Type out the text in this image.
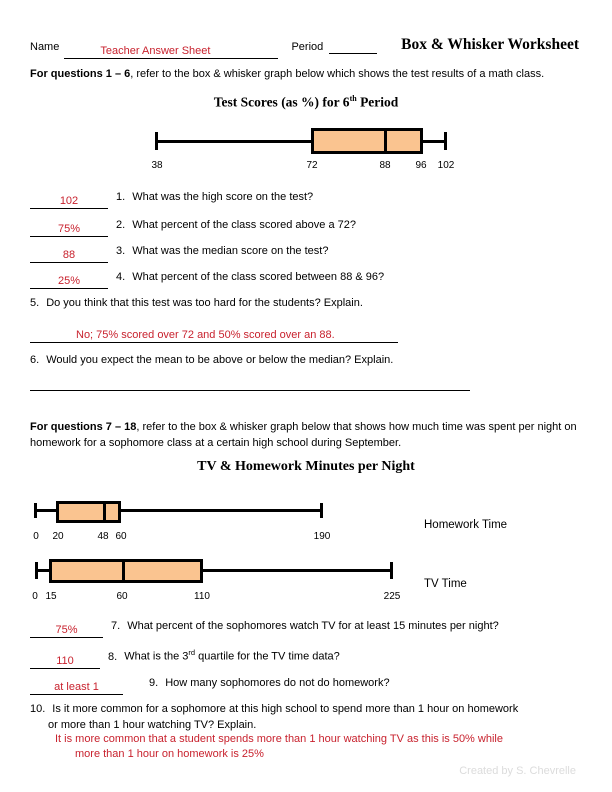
Name	Teacher Answer Sheet	Period	Box & Whisker Worksheet
For questions 1 – 6, refer to the box & whisker graph below which shows the test results of a math class.
Test Scores (as %) for 6th Period
38	72	88 96 102
102	1. What was the high score on the test?
75%	2. What percent of the class scored above a 72?
88	3. What was the median score on the test?
25%	4. What percent of the class scored between 88 & 96?
5. Do you think that this test was too hard for the students? Explain.
No; 75% scored over 72 and 50% scored over an 88.
6. Would you expect the mean to be above or below the median? Explain.
For questions 7 – 18, refer to the box & whisker graph below that shows how much time was spent per night on homework for a sophomore class at a certain high school during September.
TV & Homework Minutes per Night
0 20	48 60	190
Homework Time
0 15	60	110	225
TV Time
75%	7. What percent of the sophomores watch TV for at least 15 minutes per night?
110	8. What is the 3rd quartile for the TV time data?
at least 1	9. How many sophomores do not do homework?
10. Is it more common for a sophomore at this high school to spend more than 1 hour on homework
or more than 1 hour watching TV? Explain.
It is more common that a student spends more than 1 hour watching TV as this is 50% while
more than 1 hour on homework is 25%
Created by S. Chevrelle
